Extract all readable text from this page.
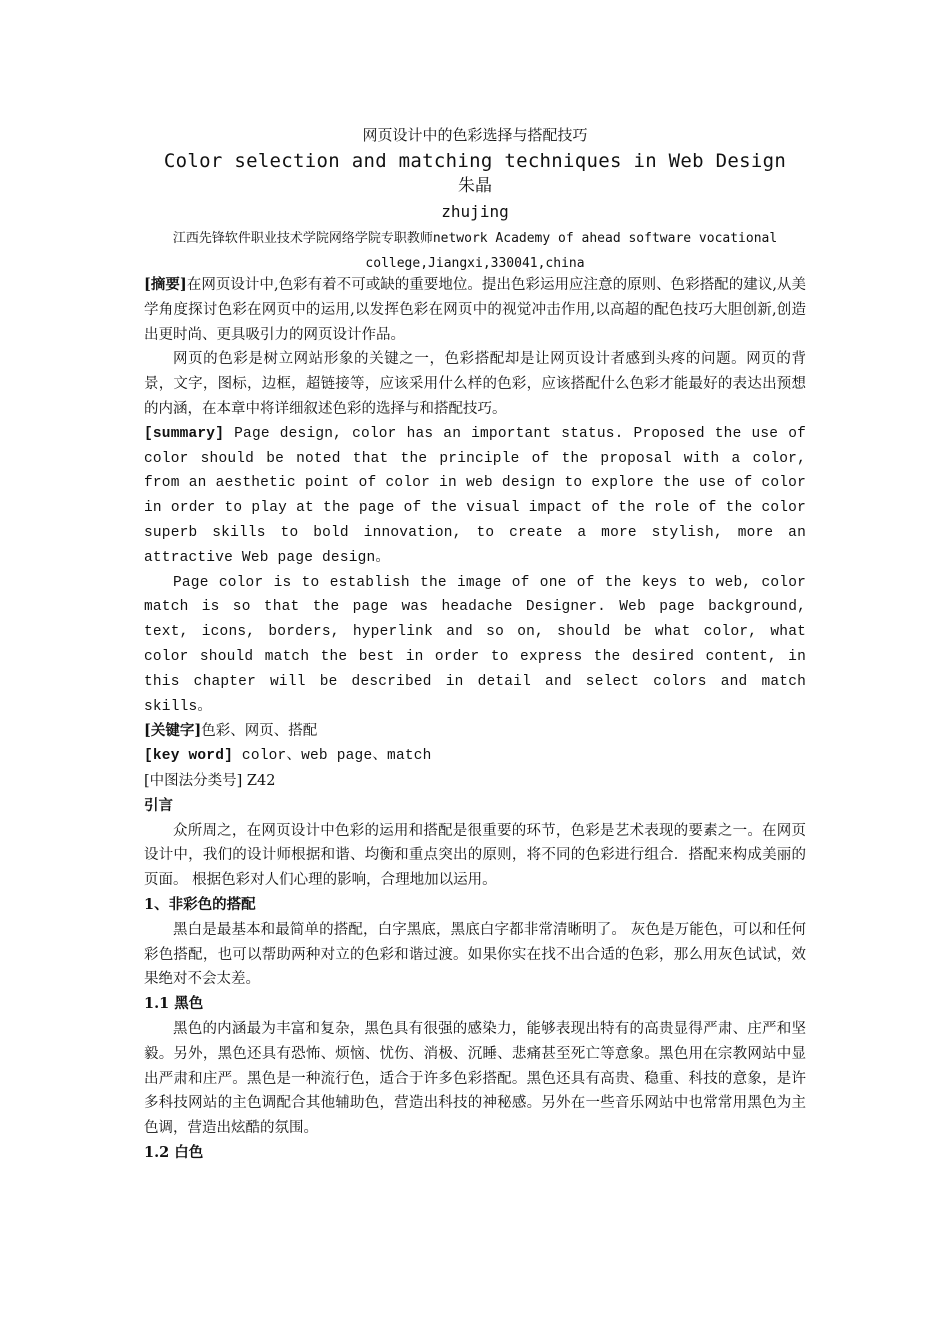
网页设计中的色彩选择与搭配技巧
Color selection and matching techniques in Web Design
朱晶
zhujing
江西先锋软件职业技术学院网络学院专职教师network Academy of ahead software vocational college,Jiangxi,330041,china

[摘要]在网页设计中,色彩有着不可或缺的重要地位。提出色彩运用应注意的原则、色彩搭配的建议,从美学角度探讨色彩在网页中的运用,以发挥色彩在网页中的视觉冲击作用,以高超的配色技巧大胆创新,创造出更时尚、更具吸引力的网页设计作品。

网页的色彩是树立网站形象的关键之一，色彩搭配却是让网页设计者感到头疼的问题。网页的背景，文字，图标，边框，超链接等，应该采用什么样的色彩，应该搭配什么色彩才能最好的表达出预想的内涵，在本章中将详细叙述色彩的选择与和搭配技巧。

[summary] Page design, color has an important status. Proposed the use of color should be noted that the principle of the proposal with a color, from an aesthetic point of color in web design to explore the use of color in order to play at the page of the visual impact of the role of the color superb skills to bold innovation, to create a more stylish, more an attractive Web page design。

Page color is to establish the image of one of the keys to web, color match is so that the page was headache Designer. Web page background, text, icons, borders, hyperlink and so on, should be what color, what color should match the best in order to express the desired content, in this chapter will be described in detail and select colors and match skills。

[关键字]色彩、网页、搭配

[key word] color、web page、match

[中图法分类号] Z42

引言

众所周之，在网页设计中色彩的运用和搭配是很重要的环节，色彩是艺术表现的要素之一。在网页设计中，我们的设计师根据和谐、均衡和重点突出的原则，将不同的色彩进行组合．搭配来构成美丽的页面。 根据色彩对人们心理的影响，合理地加以运用。

1、非彩色的搭配

黑白是最基本和最简单的搭配，白字黑底，黑底白字都非常清晰明了。 灰色是万能色，可以和任何彩色搭配，也可以帮助两种对立的色彩和谐过渡。如果你实在找不出合适的色彩，那么用灰色试试，效果绝对不会太差。

1.1 黑色

黑色的内涵最为丰富和复杂，黑色具有很强的感染力，能够表现出特有的高贵显得严肃、庄严和坚毅。另外，黑色还具有恐怖、烦恼、忧伤、消极、沉睡、悲痛甚至死亡等意象。黑色用在宗教网站中显出严肃和庄严。黑色是一种流行色，适合于许多色彩搭配。黑色还具有高贵、稳重、科技的意象，是许多科技网站的主色调配合其他辅助色，营造出科技的神秘感。另外在一些音乐网站中也常常用黑色为主色调，营造出炫酷的氛围。

1.2 白色
